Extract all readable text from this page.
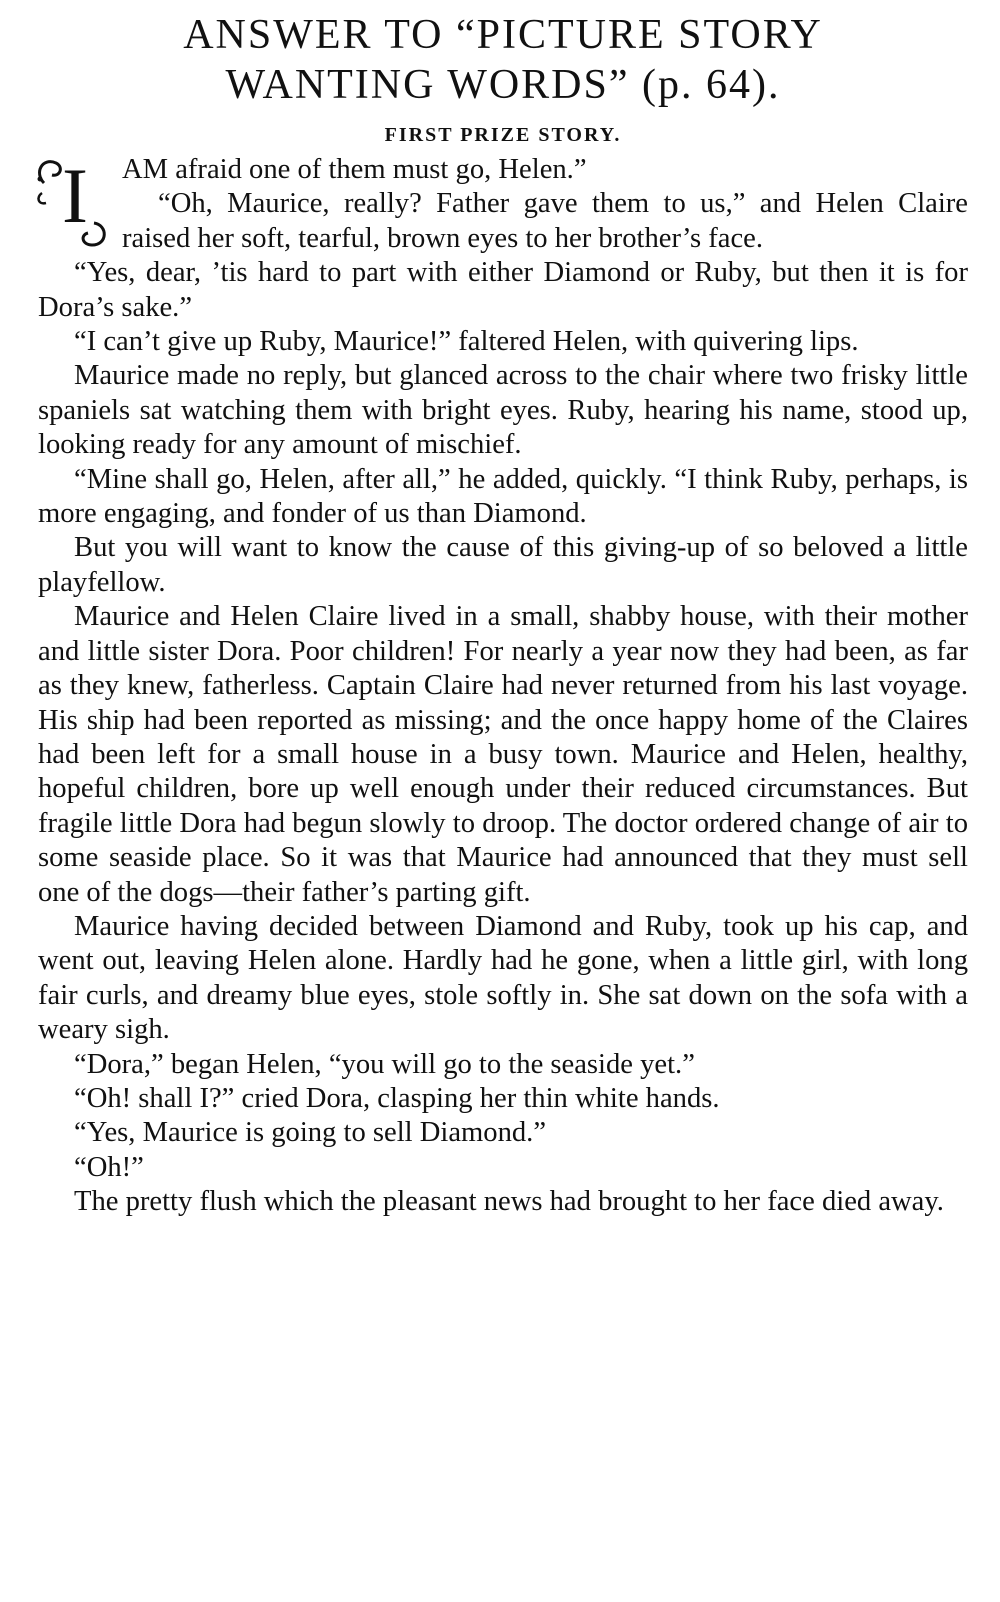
ANSWER TO “PICTURE STORY
WANTING WORDS” (p. 64).
FIRST PRIZE STORY.

I	AM afraid one of them must go, Helen.”

“Oh, Maurice, really? Father gave them to us,” and Helen Claire raised her soft, tearful, brown eyes to her brother’s face.

“Yes, dear, ’tis hard to part with either Diamond or Ruby, but then it is for Dora’s sake.”

“I can’t give up Ruby, Maurice!” faltered Helen, with quivering lips.

Maurice made no reply, but glanced across to the chair where two frisky little spaniels sat watching them with bright eyes. Ruby, hearing his name, stood up, looking ready for any amount of mischief.

“Mine shall go, Helen, after all,” he added, quickly. “I think Ruby, perhaps, is more engaging, and fonder of us than Diamond.

But you will want to know the cause of this giving-up of so beloved a little playfellow.

Maurice and Helen Claire lived in a small, shabby house, with their mother and little sister Dora. Poor children! For nearly a year now they had been, as far as they knew, fatherless. Captain Claire had never returned from his last voyage. His ship had been reported as missing; and the once happy home of the Claires had been left for a small house in a busy town. Maurice and Helen, healthy, hopeful children, bore up well enough under their reduced circumstances. But fragile little Dora had begun slowly to droop. The doctor ordered change of air to some seaside place. So it was that Maurice had announced that they must sell one of the dogs—their father’s parting gift.

Maurice having decided between Diamond and Ruby, took up his cap, and went out, leaving Helen alone. Hardly had he gone, when a little girl, with long fair curls, and dreamy blue eyes, stole softly in. She sat down on the sofa with a weary sigh.

“Dora,” began Helen, “you will go to the seaside yet.”

“Oh! shall I?” cried Dora, clasping her thin white hands.

“Yes, Maurice is going to sell Diamond.”

“Oh!”

The pretty flush which the pleasant news had brought to her face died away.
